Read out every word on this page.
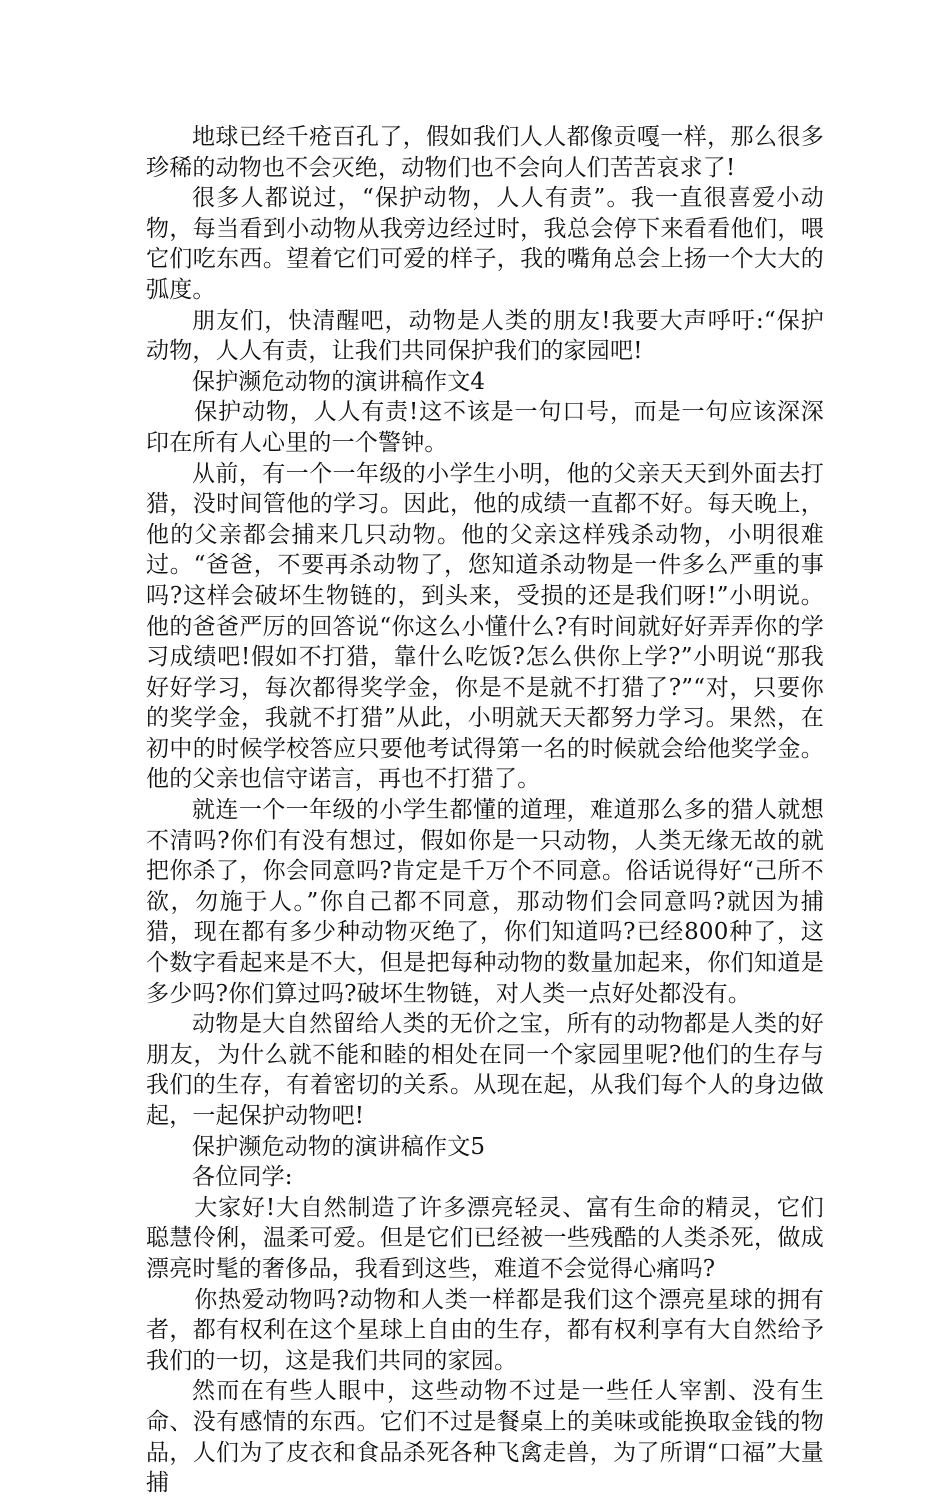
地球已经千疮百孔了，假如我们人人都像贡嘎一样，那么很多珍稀的动物也不会灭绝，动物们也不会向人们苦苦哀求了!

很多人都说过，“保护动物，人人有责”。我一直很喜爱小动物，每当看到小动物从我旁边经过时，我总会停下来看看他们，喂它们吃东西。望着它们可爱的样子，我的嘴角总会上扬一个大大的弧度。

朋友们，快清醒吧，动物是人类的朋友!我要大声呼吁:“保护动物，人人有责，让我们共同保护我们的家园吧!

保护濒危动物的演讲稿作文4

保护动物，人人有责!这不该是一句口号，而是一句应该深深印在所有人心里的一个警钟。

从前，有一个一年级的小学生小明，他的父亲天天到外面去打猎，没时间管他的学习。因此，他的成绩一直都不好。每天晚上，他的父亲都会捕来几只动物。他的父亲这样残杀动物，小明很难过。“爸爸，不要再杀动物了，您知道杀动物是一件多么严重的事吗?这样会破坏生物链的，到头来，受损的还是我们呀!”小明说。他的爸爸严厉的回答说“你这么小懂什么?有时间就好好弄弄你的学习成绩吧!假如不打猎，靠什么吃饭?怎么供你上学?”小明说“那我好好学习，每次都得奖学金，你是不是就不打猎了?”“对，只要你的奖学金，我就不打猎”从此，小明就天天都努力学习。果然，在初中的时候学校答应只要他考试得第一名的时候就会给他奖学金。他的父亲也信守诺言，再也不打猎了。

就连一个一年级的小学生都懂的道理，难道那么多的猎人就想不清吗?你们有没有想过，假如你是一只动物，人类无缘无故的就把你杀了，你会同意吗?肯定是千万个不同意。俗话说得好“己所不欲，勿施于人。”你自己都不同意，那动物们会同意吗?就因为捕猎，现在都有多少种动物灭绝了，你们知道吗?已经800种了，这个数字看起来是不大，但是把每种动物的数量加起来，你们知道是多少吗?你们算过吗?破坏生物链，对人类一点好处都没有。

动物是大自然留给人类的无价之宝，所有的动物都是人类的好朋友，为什么就不能和睦的相处在同一个家园里呢?他们的生存与我们的生存，有着密切的关系。从现在起，从我们每个人的身边做起，一起保护动物吧!

保护濒危动物的演讲稿作文5

各位同学:

大家好!大自然制造了许多漂亮轻灵、富有生命的精灵，它们聪慧伶俐，温柔可爱。但是它们已经被一些残酷的人类杀死，做成漂亮时髦的奢侈品，我看到这些，难道不会觉得心痛吗?

你热爱动物吗?动物和人类一样都是我们这个漂亮星球的拥有者，都有权利在这个星球上自由的生存，都有权利享有大自然给予我们的一切，这是我们共同的家园。

然而在有些人眼中，这些动物不过是一些任人宰割、没有生命、没有感情的东西。它们不过是餐桌上的美味或能换取金钱的物品，人们为了皮衣和食品杀死各种飞禽走兽，为了所谓“口福”大量捕
